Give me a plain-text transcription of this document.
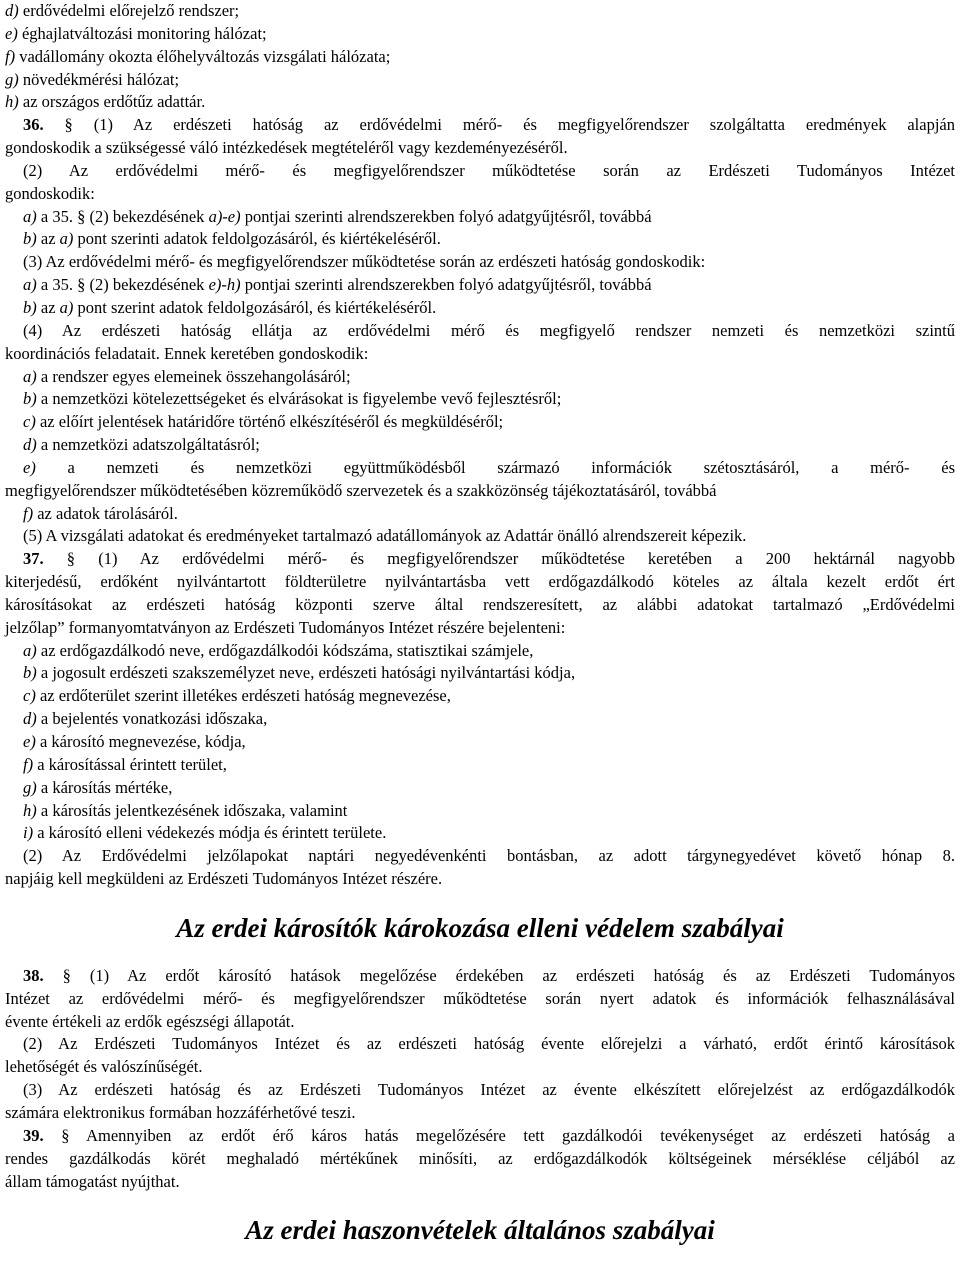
d) erdővédelmi előrejelző rendszer;
e) éghajlatváltozási monitoring hálózat;
f) vadállomány okozta élőhelyváltozás vizsgálati hálózata;
g) növedékmérési hálózat;
h) az országos erdőtűz adattár.
36. § (1) Az erdészeti hatóság az erdővédelmi mérő- és megfigyelőrendszer szolgáltatta eredmények alapján
gondoskodik a szükségessé váló intézkedések megtételéről vagy kezdeményezéséről.
(2) Az erdővédelmi mérő- és megfigyelőrendszer működtetése során az Erdészeti Tudományos Intézet
gondoskodik:
a) a 35. § (2) bekezdésének a)-e) pontjai szerinti alrendszerekben folyó adatgyűjtésről, továbbá
b) az a) pont szerinti adatok feldolgozásáról, és kiértékeléséről.
(3) Az erdővédelmi mérő- és megfigyelőrendszer működtetése során az erdészeti hatóság gondoskodik:
a) a 35. § (2) bekezdésének e)-h) pontjai szerinti alrendszerekben folyó adatgyűjtésről, továbbá
b) az a) pont szerint adatok feldolgozásáról, és kiértékeléséről.
(4) Az erdészeti hatóság ellátja az erdővédelmi mérő és megfigyelő rendszer nemzeti és nemzetközi szintű
koordinációs feladatait. Ennek keretében gondoskodik:
a) a rendszer egyes elemeinek összehangolásáról;
b) a nemzetközi kötelezettségeket és elvárásokat is figyelembe vevő fejlesztésről;
c) az előírt jelentések határidőre történő elkészítéséről és megküldéséről;
d) a nemzetközi adatszolgáltatásról;
e) a nemzeti és nemzetközi együttműködésből származó információk szétosztásáról, a mérő- és
megfigyelőrendszer működtetésében közreműködő szervezetek és a szakközönség tájékoztatásáról, továbbá
f) az adatok tárolásáról.
(5) A vizsgálati adatokat és eredményeket tartalmazó adatállományok az Adattár önálló alrendszereit képezik.
37. § (1) Az erdővédelmi mérő- és megfigyelőrendszer működtetése keretében a 200 hektárnál nagyobb
kiterjedésű, erdőként nyilvántartott földterületre nyilvántartásba vett erdőgazdálkodó köteles az általa kezelt erdőt ért
károsításokat az erdészeti hatóság központi szerve által rendszeresített, az alábbi adatokat tartalmazó „Erdővédelmi
jelzőlap” formanyomtatványon az Erdészeti Tudományos Intézet részére bejelenteni:
a) az erdőgazdálkodó neve, erdőgazdálkodói kódszáma, statisztikai számjele,
b) a jogosult erdészeti szakszemélyzet neve, erdészeti hatósági nyilvántartási kódja,
c) az erdőterület szerint illetékes erdészeti hatóság megnevezése,
d) a bejelentés vonatkozási időszaka,
e) a károsító megnevezése, kódja,
f) a károsítással érintett terület,
g) a károsítás mértéke,
h) a károsítás jelentkezésének időszaka, valamint
i) a károsító elleni védekezés módja és érintett területe.
(2) Az Erdővédelmi jelzőlapokat naptári negyedévenkénti bontásban, az adott tárgynegyedévet követő hónap 8.
napjáig kell megküldeni az Erdészeti Tudományos Intézet részére.
Az erdei károsítók károkozása elleni védelem szabályai
38. § (1) Az erdőt károsító hatások megelőzése érdekében az erdészeti hatóság és az Erdészeti Tudományos
Intézet az erdővédelmi mérő- és megfigyelőrendszer működtetése során nyert adatok és információk felhasználásával
évente értékeli az erdők egészségi állapotát.
(2) Az Erdészeti Tudományos Intézet és az erdészeti hatóság évente előrejelzi a várható, erdőt érintő károsítások
lehetőségét és valószínűségét.
(3) Az erdészeti hatóság és az Erdészeti Tudományos Intézet az évente elkészített előrejelzést az erdőgazdálkodók
számára elektronikus formában hozzáférhetővé teszi.
39. § Amennyiben az erdőt érő káros hatás megelőzésére tett gazdálkodói tevékenységet az erdészeti hatóság a
rendes gazdálkodás körét meghaladó mértékűnek minősíti, az erdőgazdálkodók költségeinek mérséklése céljából az
állam támogatást nyújthat.
Az erdei haszonvételek általános szabályai
